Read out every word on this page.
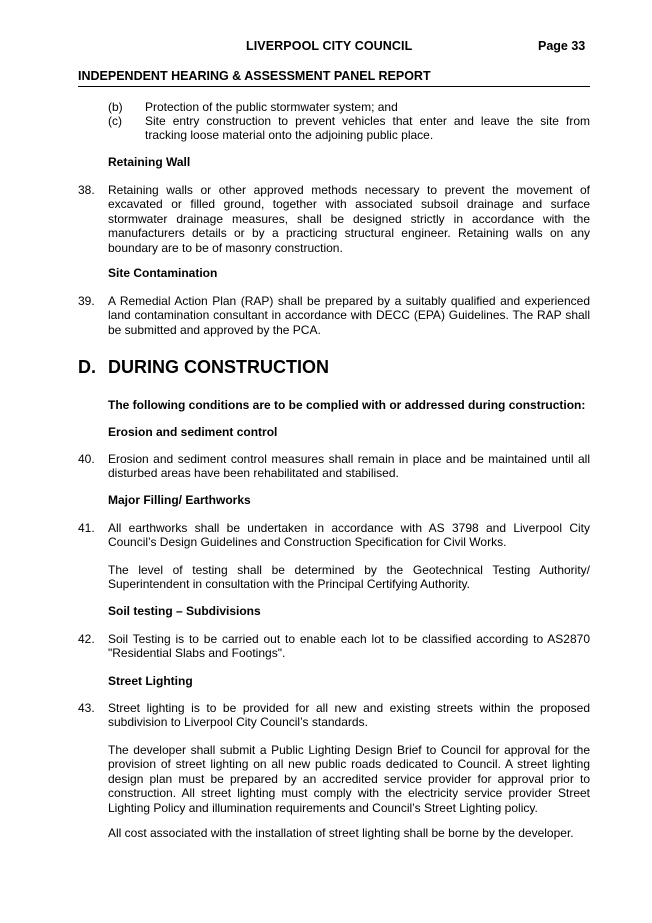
LIVERPOOL CITY COUNCIL	Page 33
INDEPENDENT HEARING & ASSESSMENT PANEL REPORT
(b) Protection of the public stormwater system; and
(c) Site entry construction to prevent vehicles that enter and leave the site from tracking loose material onto the adjoining public place.
Retaining Wall
38. Retaining walls or other approved methods necessary to prevent the movement of excavated or filled ground, together with associated subsoil drainage and surface stormwater drainage measures, shall be designed strictly in accordance with the manufacturers details or by a practicing structural engineer. Retaining walls on any boundary are to be of masonry construction.
Site Contamination
39. A Remedial Action Plan (RAP) shall be prepared by a suitably qualified and experienced land contamination consultant in accordance with DECC (EPA) Guidelines. The RAP shall be submitted and approved by the PCA.
D. DURING CONSTRUCTION
The following conditions are to be complied with or addressed during construction:
Erosion and sediment control
40. Erosion and sediment control measures shall remain in place and be maintained until all disturbed areas have been rehabilitated and stabilised.
Major Filling/ Earthworks
41. All earthworks shall be undertaken in accordance with AS 3798 and Liverpool City Council’s Design Guidelines and Construction Specification for Civil Works.
The level of testing shall be determined by the Geotechnical Testing Authority/ Superintendent in consultation with the Principal Certifying Authority.
Soil testing – Subdivisions
42. Soil Testing is to be carried out to enable each lot to be classified according to AS2870 "Residential Slabs and Footings".
Street Lighting
43. Street lighting is to be provided for all new and existing streets within the proposed subdivision to Liverpool City Council’s standards.
The developer shall submit a Public Lighting Design Brief to Council for approval for the provision of street lighting on all new public roads dedicated to Council. A street lighting design plan must be prepared by an accredited service provider for approval prior to construction. All street lighting must comply with the electricity service provider Street Lighting Policy and illumination requirements and Council’s Street Lighting policy.
All cost associated with the installation of street lighting shall be borne by the developer.
